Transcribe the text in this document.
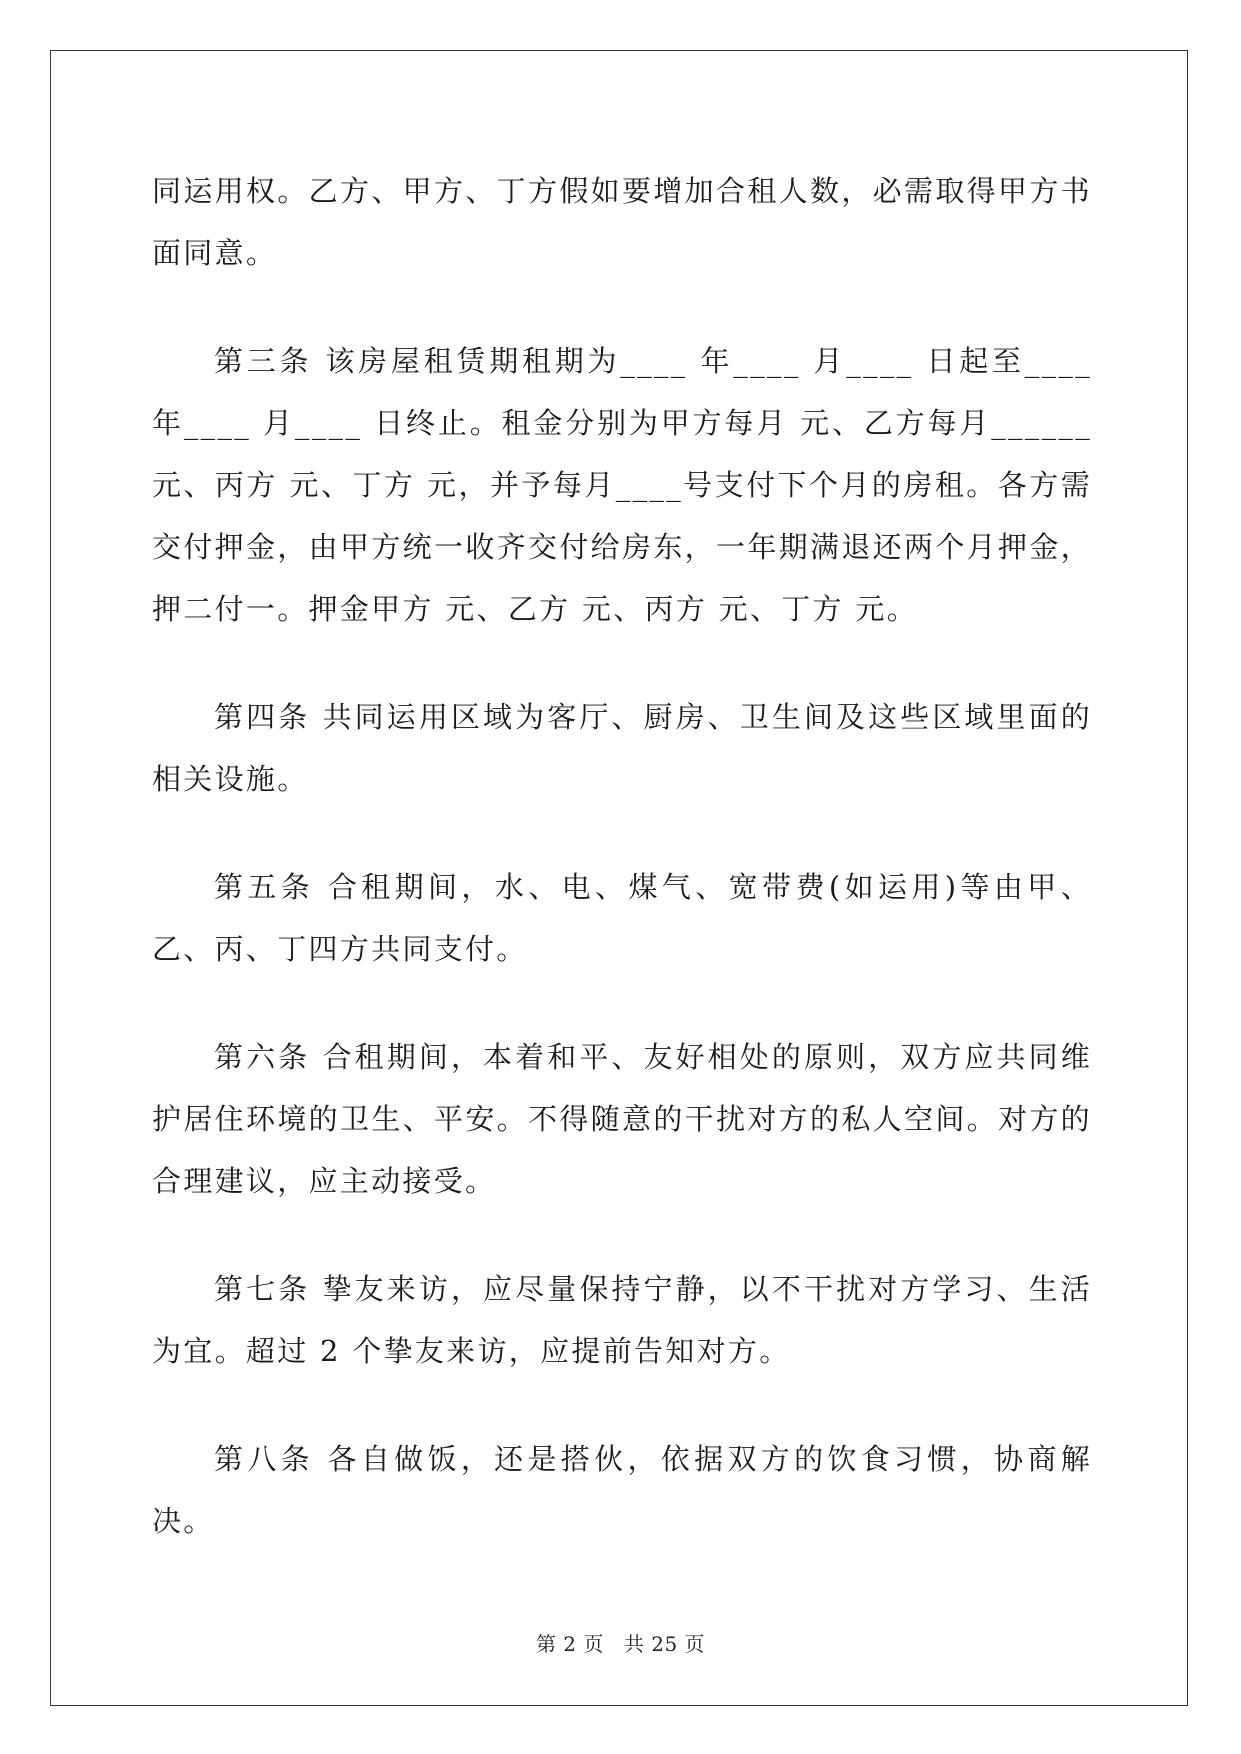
同运用权。乙方、甲方、丁方假如要增加合租人数，必需取得甲方书面同意。

第三条 该房屋租赁期租期为____ 年____ 月____ 日起至____年____ 月____ 日终止。租金分别为甲方每月 元、乙方每月______元、丙方 元、丁方 元，并予每月____号支付下个月的房租。各方需交付押金，由甲方统一收齐交付给房东，一年期满退还两个月押金，押二付一。押金甲方 元、乙方 元、丙方 元、丁方 元。

第四条 共同运用区域为客厅、厨房、卫生间及这些区域里面的相关设施。

第五条 合租期间，水、电、煤气、宽带费(如运用)等由甲、乙、丙、丁四方共同支付。

第六条 合租期间，本着和平、友好相处的原则，双方应共同维护居住环境的卫生、平安。不得随意的干扰对方的私人空间。对方的合理建议，应主动接受。

第七条 挚友来访，应尽量保持宁静，以不干扰对方学习、生活为宜。超过 2 个挚友来访，应提前告知对方。

第八条 各自做饭，还是搭伙，依据双方的饮食习惯，协商解决。

第 2 页 共 25 页
